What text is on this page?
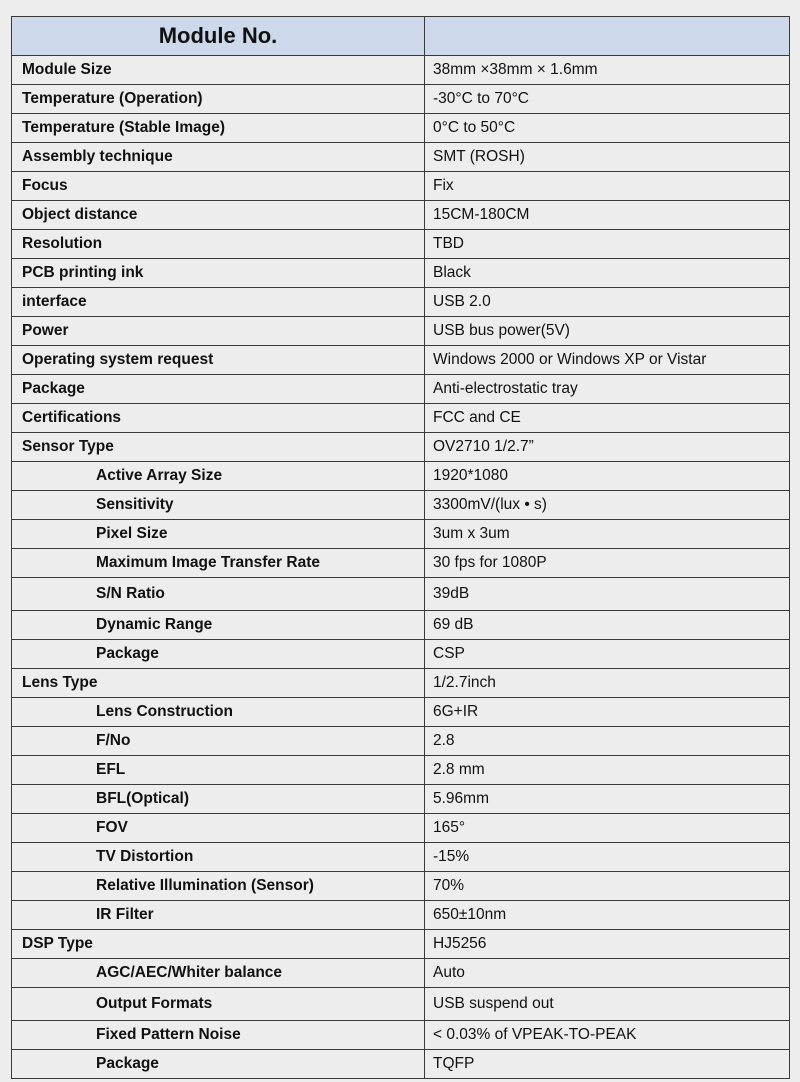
Module No.	
Module Size	38mm ×38mm × 1.6mm
Temperature (Operation)	-30°C to 70°C
Temperature (Stable Image)	0°C to 50°C
Assembly technique	SMT (ROSH)
Focus	Fix
Object distance	15CM-180CM
Resolution	TBD
PCB printing ink	Black
interface	USB 2.0
Power	USB bus power(5V)
Operating system request	Windows 2000 or Windows XP or Vistar
Package	Anti-electrostatic tray
Certifications	FCC and CE
Sensor Type	OV2710 1/2.7”
Active Array Size	1920*1080
Sensitivity	3300mV/(lux • s)
Pixel Size	3um x 3um
Maximum Image Transfer Rate	30 fps for 1080P
S/N Ratio	39dB
Dynamic Range	69 dB
Package	CSP
Lens Type	1/2.7inch
Lens Construction	6G+IR
F/No	2.8
EFL	2.8 mm
BFL(Optical)	5.96mm
FOV	165°
TV Distortion	-15%
Relative Illumination (Sensor)	70%
IR Filter	650±10nm
DSP Type	HJ5256
AGC/AEC/Whiter balance	Auto
Output Formats	USB suspend out
Fixed Pattern Noise	< 0.03% of VPEAK-TO-PEAK
Package	TQFP
